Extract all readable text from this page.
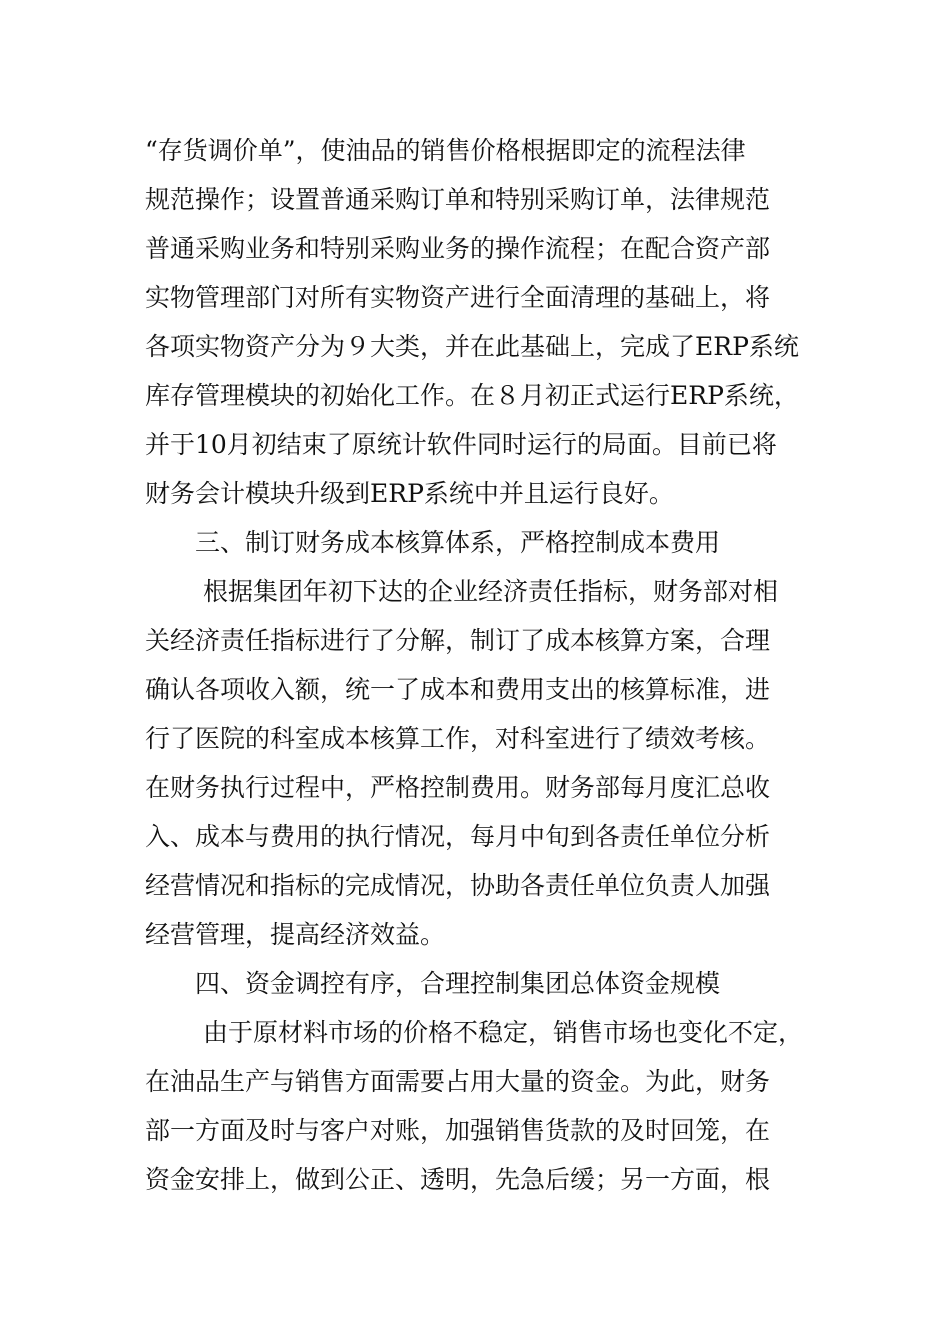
“存货调价单”，使油品的销售价格根据即定的流程法律
规范操作；设置普通采购订单和特别采购订单，法律规范
普通采购业务和特别采购业务的操作流程；在配合资产部
实物管理部门对所有实物资产进行全面清理的基础上，将
各项实物资产分为９大类，并在此基础上，完成了ERP系统
库存管理模块的初始化工作。在８月初正式运行ERP系统，
并于10月初结束了原统计软件同时运行的局面。目前已将
财务会计模块升级到ERP系统中并且运行良好。
三、制订财务成本核算体系，严格控制成本费用
根据集团年初下达的企业经济责任指标，财务部对相
关经济责任指标进行了分解，制订了成本核算方案，合理
确认各项收入额，统一了成本和费用支出的核算标准，进
行了医院的科室成本核算工作，对科室进行了绩效考核。
在财务执行过程中，严格控制费用。财务部每月度汇总收
入、成本与费用的执行情况，每月中旬到各责任单位分析
经营情况和指标的完成情况，协助各责任单位负责人加强
经营管理，提高经济效益。
四、资金调控有序，合理控制集团总体资金规模
由于原材料市场的价格不稳定，销售市场也变化不定，
在油品生产与销售方面需要占用大量的资金。为此，财务
部一方面及时与客户对账，加强销售货款的及时回笼，在
资金安排上，做到公正、透明，先急后缓；另一方面，根
